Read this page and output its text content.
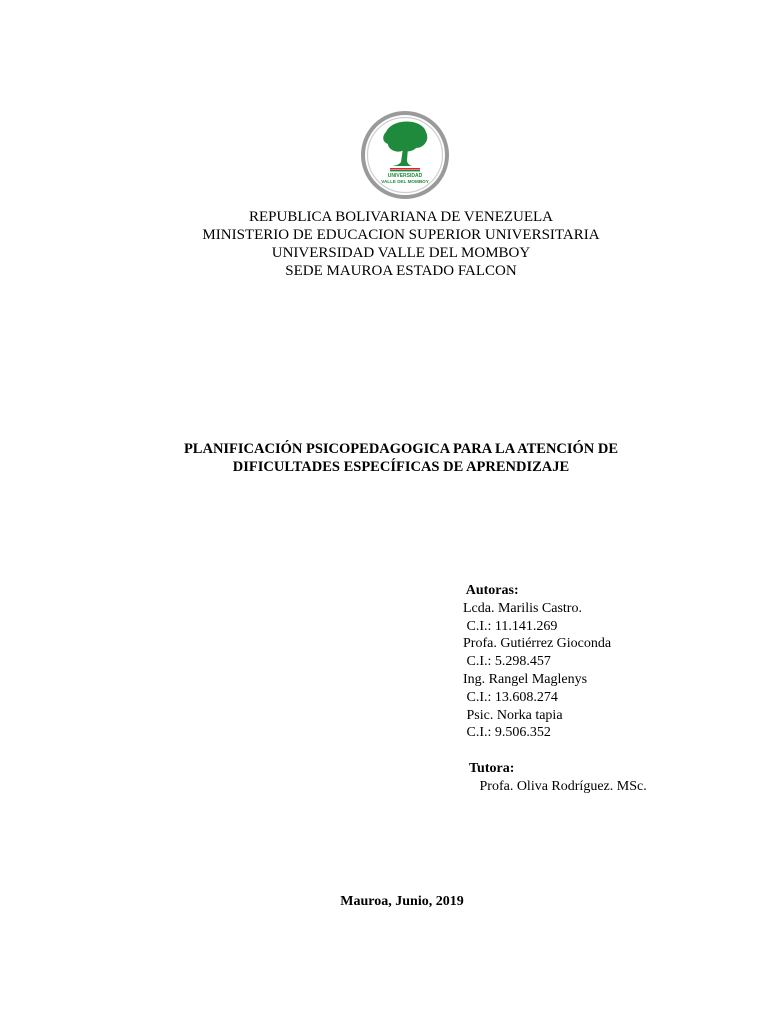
UNIVERSIDAD
VALLE DEL MOMBOY
REPUBLICA BOLIVARIANA DE VENEZUELA
MINISTERIO DE EDUCACION SUPERIOR UNIVERSITARIA
UNIVERSIDAD VALLE DEL MOMBOY
SEDE MAUROA ESTADO FALCON
PLANIFICACIÓN PSICOPEDAGOGICA PARA LA ATENCIÓN DE
DIFICULTADES ESPECÍFICAS DE APRENDIZAJE
Autoras:
Lcda. Marilis Castro.
C.I.: 11.141.269
Profa. Gutiérrez Gioconda
C.I.: 5.298.457
Ing. Rangel Maglenys
C.I.: 13.608.274
Psic. Norka tapia
C.I.: 9.506.352
Tutora:
Profa. Oliva Rodríguez. MSc.
Mauroa, Junio, 2019
